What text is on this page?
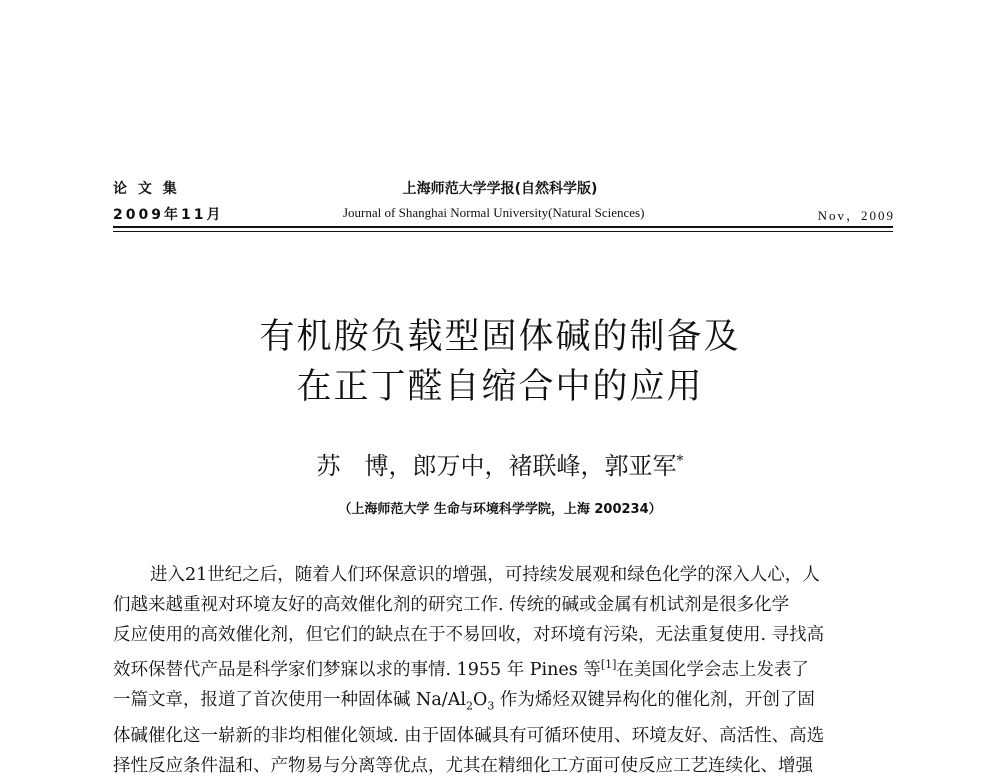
论 文 集	上海师范大学学报(自然科学版)
2009年11月	Journal of Shanghai Normal University(Natural Sciences)	Nov，2009
有机胺负载型固体碱的制备及
在正丁醛自缩合中的应用
苏　博，郎万中，褚联峰，郭亚军*
（上海师范大学 生命与环境科学学院，上海 200234）
进入21世纪之后，随着人们环保意识的增强，可持续发展观和绿色化学的深入人心，人
们越来越重视对环境友好的高效催化剂的研究工作. 传统的碱或金属有机试剂是很多化学
反应使用的高效催化剂，但它们的缺点在于不易回收，对环境有污染，无法重复使用. 寻找高
效环保替代产品是科学家们梦寐以求的事情. 1955 年 Pines 等[1]在美国化学会志上发表了
一篇文章，报道了首次使用一种固体碱 $Na/Al_2O_3$ 作为烯烃双键异构化的催化剂，开创了固
体碱催化这一崭新的非均相催化领域. 由于固体碱具有可循环使用、环境友好、高活性、高选
择性反应条件温和、产物易与分离等优点，尤其在精细化工方面可使反应工艺连续化、增强
